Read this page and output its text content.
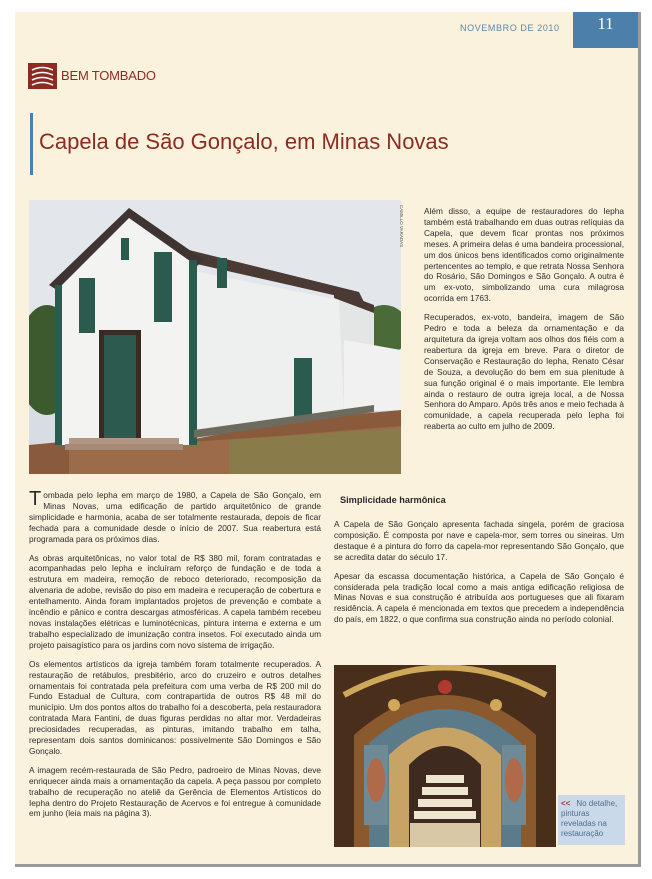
NOVEMBRO DE 2010	11
BEM TOMBADO
Capela de São Gonçalo, em Minas Novas
CAMILLO VARADAS Além disso, a equipe de restauradores do Iepha também está trabalhando em duas outras relíquias da Capela, que devem ficar prontas nos próximos meses. A primeira delas é uma bandeira processional, um dos únicos bens identificados como originalmente pertencentes ao templo, e que retrata Nossa Senhora do Rosário, São Domingos e São Gonçalo. A outra é um ex-voto, simbolizando uma cura milagrosa ocorrida em 1763.

Recuperados, ex-voto, bandeira, imagem de São Pedro e toda a beleza da ornamentação e da arquitetura da igreja voltam aos olhos dos fiéis com a reabertura da igreja em breve. Para o diretor de Conservação e Restauração do Iepha, Renato César de Souza, a devolução do bem em sua plenitude à sua função original é o mais importante. Ele lembra ainda o restauro de outra igreja local, a de Nossa Senhora do Amparo. Após três anos e meio fechada à comunidade, a capela recuperada pelo Iepha foi reaberta ao culto em julho de 2009.

Tombada pelo Iepha em março de 1980, a Capela de São Gonçalo, em Minas Novas, uma edificação de partido arquitetônico de grande simplicidade e harmonia, acaba de ser totalmente restaurada, depois de ficar fechada para a comunidade desde o início de 2007. Sua reabertura está programada para os próximos dias.

As obras arquitetônicas, no valor total de R$ 380 mil, foram contratadas e acompanhadas pelo Iepha e incluíram reforço de fundação e de toda a estrutura em madeira, remoção de reboco deteriorado, recomposição da alvenaria de adobe, revisão do piso em madeira e recuperação de cobertura e entelhamento. Ainda foram implantados projetos de prevenção e combate a incêndio e pânico e contra descargas atmosféricas. A capela também recebeu novas instalações elétricas e luminotécnicas, pintura interna e externa e um trabalho especializado de imunização contra insetos. Foi executado ainda um projeto paisagístico para os jardins com novo sistema de irrigação.

Os elementos artísticos da igreja também foram totalmente recuperados. A restauração de retábulos, presbitério, arco do cruzeiro e outros detalhes ornamentais foi contratada pela prefeitura com uma verba de R$ 200 mil do Fundo Estadual de Cultura, com contrapartida de outros R$ 48 mil do município. Um dos pontos altos do trabalho foi a descoberta, pela restauradora contratada Mara Fantini, de duas figuras perdidas no altar mor. Verdadeiras preciosidades recuperadas, as pinturas, imitando trabalho em talha, representam dois santos dominicanos: possivelmente São Domingos e São Gonçalo.

A imagem recém-restaurada de São Pedro, padroeiro de Minas Novas, deve enriquecer ainda mais a ornamentação da capela. A peça passou por completo trabalho de recuperação no ateliê da Gerência de Elementos Artísticos do Iepha dentro do Projeto Restauração de Acervos e foi entregue à comunidade em junho (leia mais na página 3).

Simplicidade harmônica

A Capela de São Gonçalo apresenta fachada singela, porém de graciosa composição. É composta por nave e capela-mor, sem torres ou sineiras. Um destaque é a pintura do forro da capela-mor representando São Gonçalo, que se acredita datar do século 17.

Apesar da escassa documentação histórica, a Capela de São Gonçalo é considerada pela tradição local como a mais antiga edificação religiosa de Minas Novas e sua construção é atribuída aos portugueses que ali fixaram residência. A capela é mencionada em textos que precedem a independência do país, em 1822, o que confirma sua construção ainda no período colonial.

<< No detalhe, pinturas reveladas na restauração
